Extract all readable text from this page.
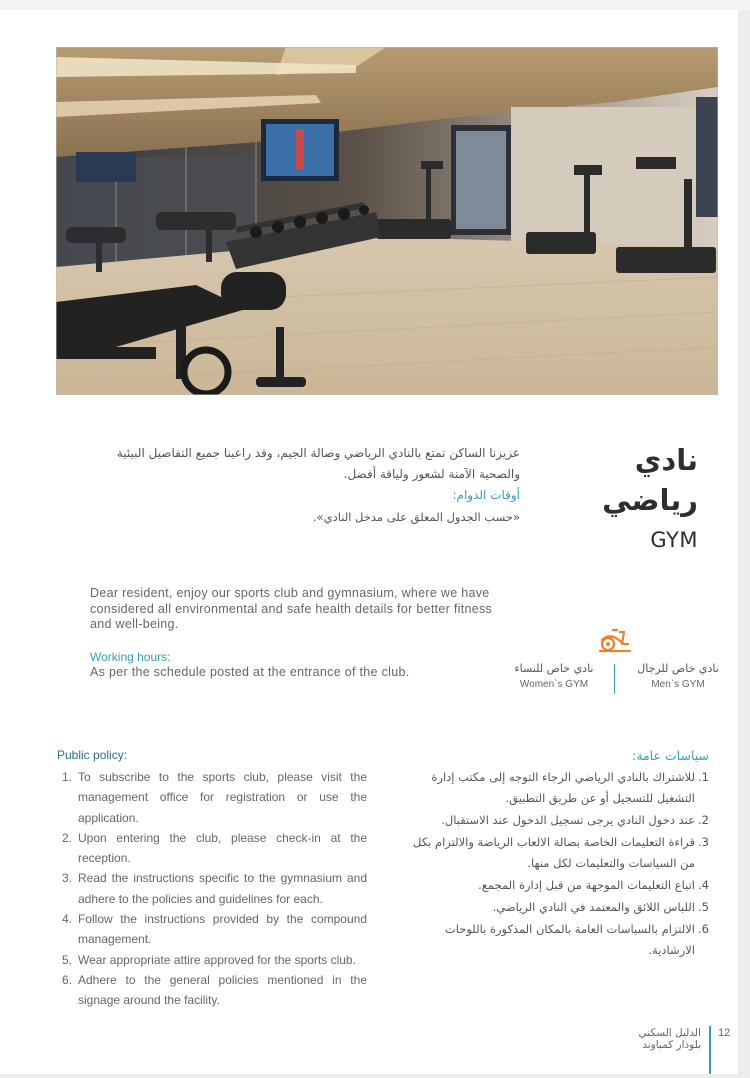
نادي رياضي
GYM
عزيزنا الساكن تمتع بالنادي الرياضي وصالة الجيم، وقد راعينا جميع التفاصيل البيئية والصحية الآمنة لشعور ولياقة أفضل.
أوقات الدوام:
«حسب الجدول المعلق على مدخل النادي».
Dear resident, enjoy our sports club and gymnasium, where we have considered all environmental and safe health details for better fitness and well-being.
Working hours:
As per the schedule posted at the entrance of the club.	نادي خاص للنساء
Women`s GYM
نادي خاص للرجال
Men`s GYM
Public policy:
1. To subscribe to the sports club, please visit the management office for registration or use the application.
2. Upon entering the club, please check-in at the reception.
3. Read the instructions specific to the gymnasium and adhere to the policies and guidelines for each.
4. Follow the instructions provided by the compound management.
5. Wear appropriate attire approved for the sports club.
6. Adhere to the general policies mentioned in the signage around the facility.
سياسات عامة:
.1
للاشتراك بالنادي الرياضي الرجاء التوجه إلى مكتب إدارة التشغيل للتسجيل أو عن طريق التطبيق.
.2
عند دخول النادي يرجى تسجيل الدخول عند الاستقبال.
.3
قراءة التعليمات الخاصة بصالة الالعاب الرياضة والالتزام بكل من السياسات والتعليمات لكل منها.
.4
اتباع التعليمات الموجهة من قبل إدارة المجمع.
.5
اللباس اللائق والمعتمد في النادي الرياضي.
.6
الالتزام بالسياسات العامة بالمكان المذكورة باللوحات الارشادية.
الدليل السكني
بلوذار كمباوند
12
